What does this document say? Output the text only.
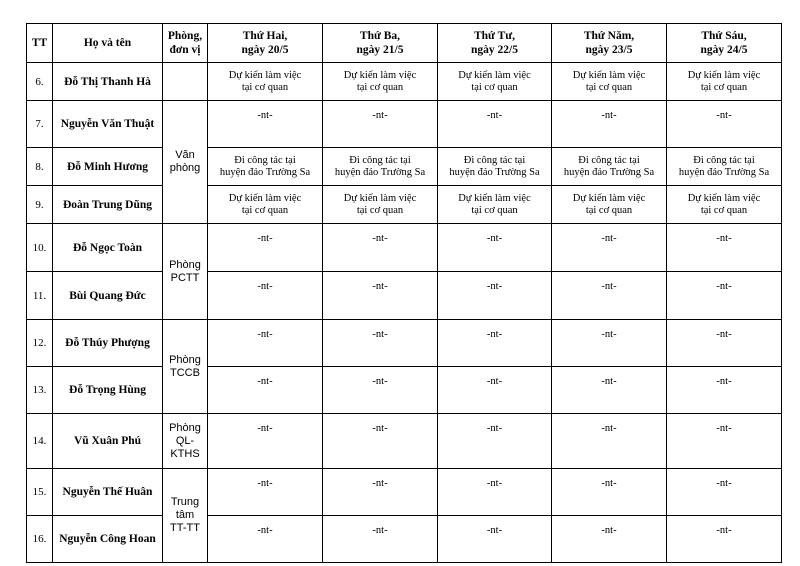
TT	Họ và tên	Phòng,
đơn vị	Thứ Hai,
ngày 20/5	Thứ Ba,
ngày 21/5	Thứ Tư,
ngày 22/5	Thứ Năm,
ngày 23/5	Thứ Sáu,
ngày 24/5
6.	Đỗ Thị Thanh Hà		Dự kiến làm việc
tại cơ quan	Dự kiến làm việc
tại cơ quan	Dự kiến làm việc
tại cơ quan	Dự kiến làm việc
tại cơ quan	Dự kiến làm việc
tại cơ quan
7.	Nguyễn Văn Thuật	Văn
phòng	-nt-	-nt-	-nt-	-nt-	-nt-
8.	Đỗ Minh Hương		Đi công tác tại
huyện đảo Trường Sa	Đi công tác tại
huyện đảo Trường Sa	Đi công tác tại
huyện đảo Trường Sa	Đi công tác tại
huyện đảo Trường Sa	Đi công tác tại
huyện đảo Trường Sa
9.	Đoàn Trung Dũng		Dự kiến làm việc
tại cơ quan	Dự kiến làm việc
tại cơ quan	Dự kiến làm việc
tại cơ quan	Dự kiến làm việc
tại cơ quan	Dự kiến làm việc
tại cơ quan
10.	Đỗ Ngọc Toàn	Phòng
PCTT	-nt-	-nt-	-nt-	-nt-	-nt-
11.	Bùi Quang Đức		-nt-	-nt-	-nt-	-nt-	-nt-
12.	Đỗ Thúy Phượng	Phòng
TCCB	-nt-	-nt-	-nt-	-nt-	-nt-
13.	Đỗ Trọng Hùng		-nt-	-nt-	-nt-	-nt-	-nt-
14.	Vũ Xuân Phú	Phòng
QL-
KTHS	-nt-	-nt-	-nt-	-nt-	-nt-
15.	Nguyễn Thế Huân	Trung
tâm
TT-TT	-nt-	-nt-	-nt-	-nt-	-nt-
16.	Nguyễn Công Hoan		-nt-	-nt-	-nt-	-nt-	-nt-
